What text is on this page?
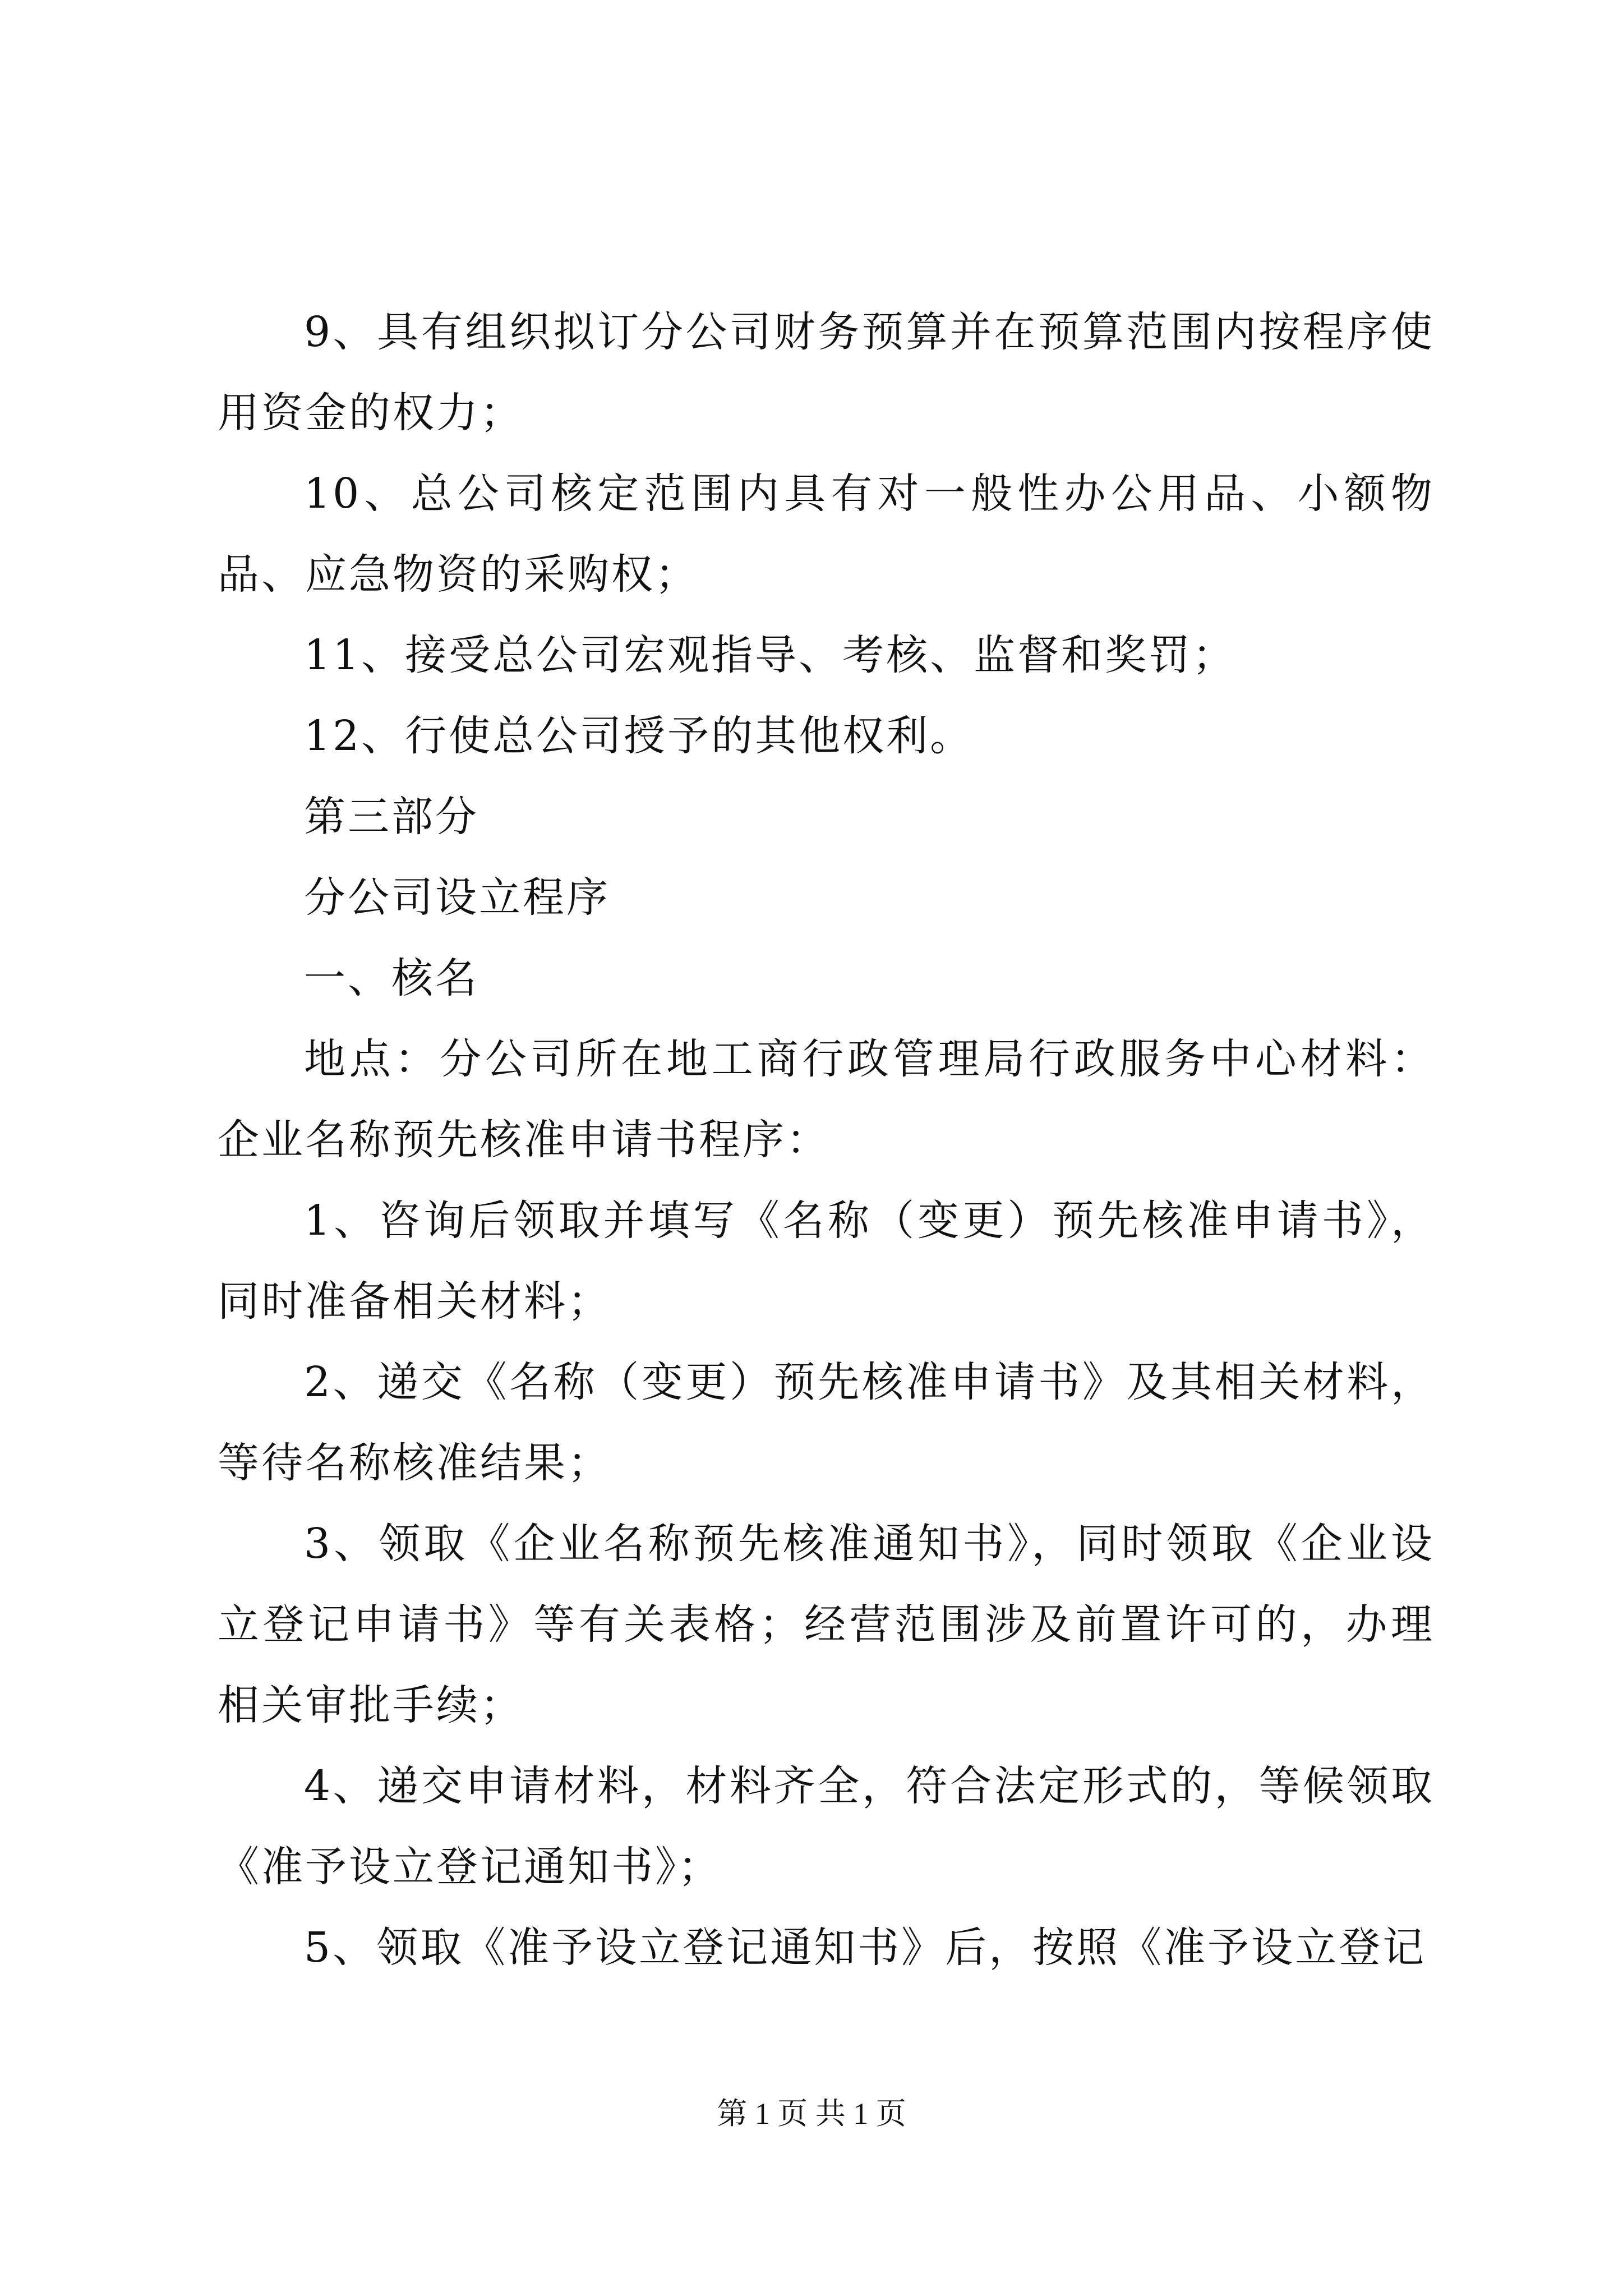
9、具有组织拟订分公司财务预算并在预算范围内按程序使用资金的权力；

10、总公司核定范围内具有对一般性办公用品、小额物品、应急物资的采购权；

11、接受总公司宏观指导、考核、监督和奖罚；

12、行使总公司授予的其他权利。

第三部分

分公司设立程序

一、核名

地点：分公司所在地工商行政管理局行政服务中心材料：企业名称预先核准申请书程序：

1、咨询后领取并填写《名称（变更）预先核准申请书》，同时准备相关材料；

2、递交《名称（变更）预先核准申请书》及其相关材料，等待名称核准结果；

3、领取《企业名称预先核准通知书》，同时领取《企业设立登记申请书》等有关表格；经营范围涉及前置许可的，办理相关审批手续；

4、递交申请材料，材料齐全，符合法定形式的，等候领取《准予设立登记通知书》；

5、领取《准予设立登记通知书》后，按照《准予设立登记

第 1 页 共 1 页
